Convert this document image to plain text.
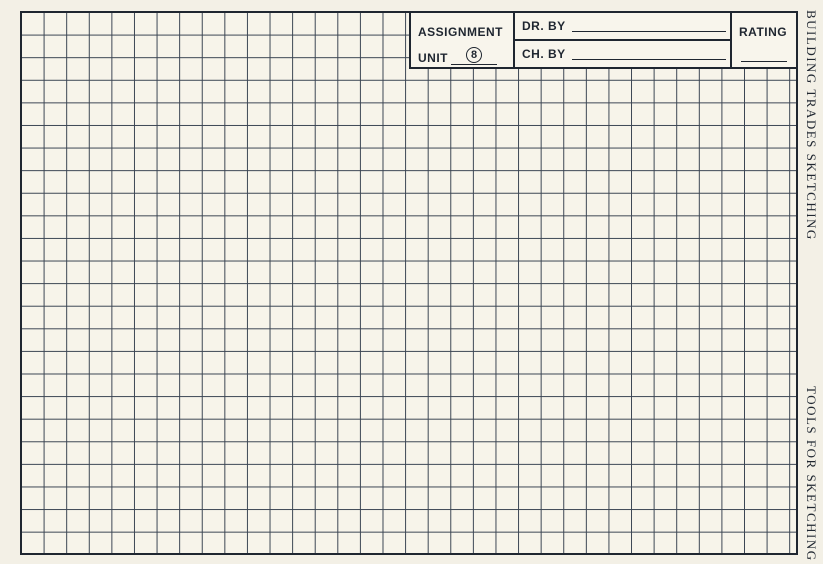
ASSIGNMENT
UNIT	8
DR. BY
CH. BY
RATING BUILDING TRADES SKETCHING
TOOLS FOR SKETCHING
